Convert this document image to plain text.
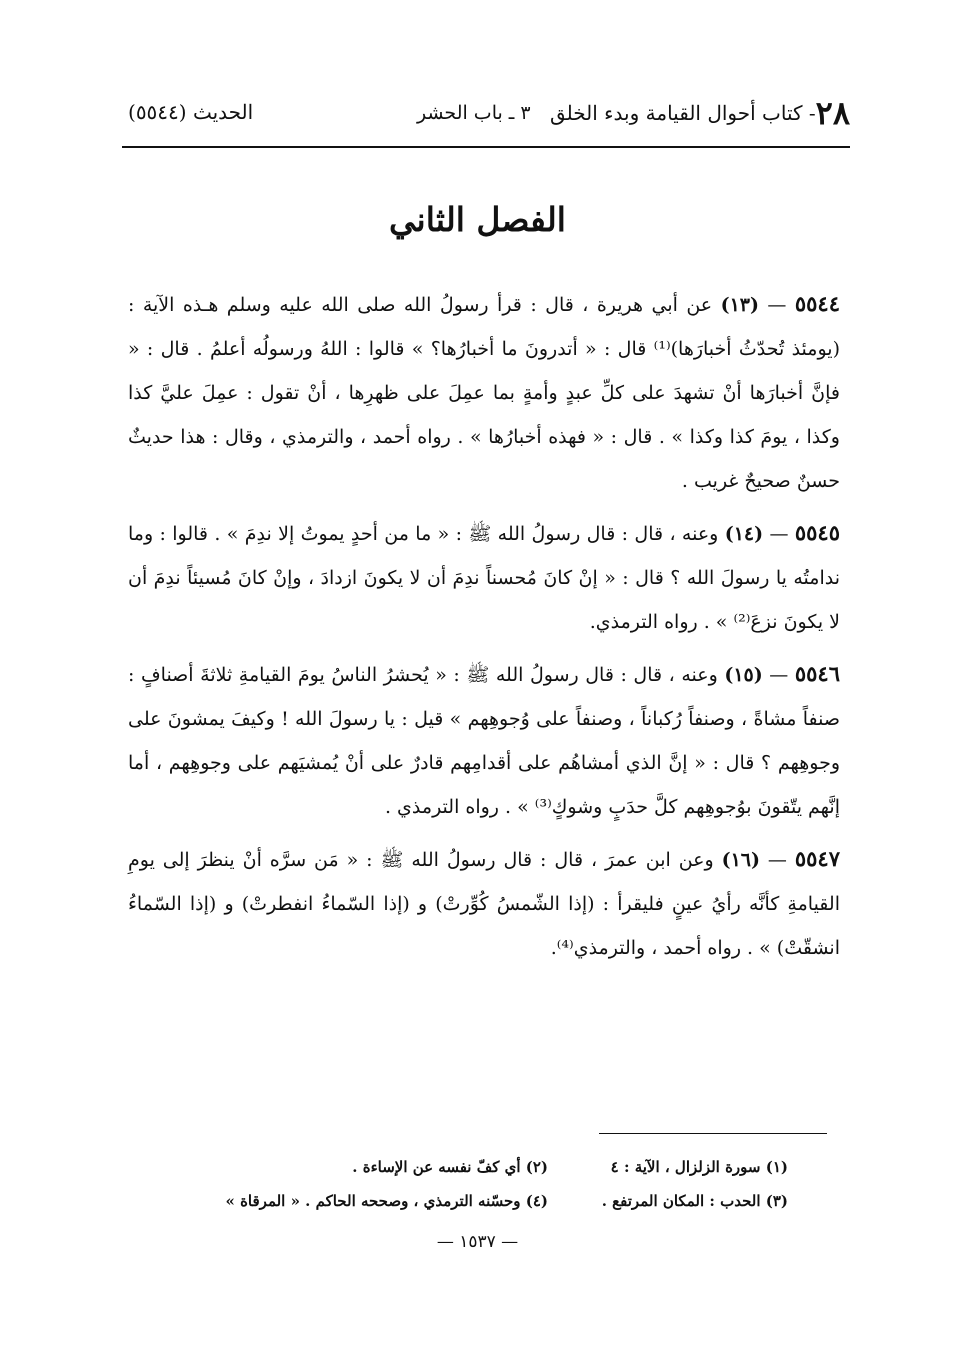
٢٨- كتاب أحوال القيامة وبدء الخلق
٣ ـ باب الحشر
الحديث (٥٥٤٤)
الفصل الثاني

٥٥٤٤ — (١٣) عن أبي هريرة ، قال : قرأ رسولُ الله صلى الله عليه وسلم هـذه الآية : (يومئذ تُحدّثُ أخبارَها)⁽¹⁾ قال : « أتدرونَ ما أخبارُها؟ » قالوا : اللهُ ورسولُه أعلمُ . قال : « فإنَّ أخبارَها أنْ تشهدَ على كلِّ عبدٍ وأمةٍ بما عمِلَ على ظهرِها ، أنْ تقول : عمِلَ عليَّ كذا وكذا ، يومَ كذا وكذا » . قال : « فهذه أخبارُها » . رواه أحمد ، والترمذي ، وقال : هذا حديثٌ حسنٌ صحيحٌ غريب .

٥٥٤٥ — (١٤) وعنه ، قال : قال رسولُ الله ﷺ : « ما من أحدٍ يموتُ إلا ندِمَ » . قالوا : وما ندامتُه يا رسولَ الله ؟ قال : « إنْ كانَ مُحسناً ندِمَ أن لا يكونَ ازدادَ ، وإنْ كانَ مُسيئاً ندِمَ أن لا يكونَ نزعَ⁽²⁾ » . رواه الترمذي.

٥٥٤٦ — (١٥) وعنه ، قال : قال رسولُ الله ﷺ : « يُحشرُ الناسُ يومَ القيامةِ ثلاثةَ أصنافٍ : صنفاً مشاةً ، وصنفاً رُكباناً ، وصنفاً على وُجوهِهم » قيل : يا رسولَ الله ! وكيفَ يمشونَ على وجوهِهم ؟ قال : « إنَّ الذي أمشاهُم على أقدامِهم قادرٌ على أنْ يُمشيَهم على وجوهِهم ، أما إنَّهم يتّقونَ بوُجوهِهم كلَّ حدَبٍ وشوكٍ⁽³⁾ » . رواه الترمذي .

٥٥٤٧ — (١٦) وعن ابن عمرَ ، قال : قال رسولُ الله ﷺ : « مَن سرَّه أنْ ينظرَ إلى يومِ القيامةِ كأنَّه رأيُ عينٍ فليقرأ : (إذا الشّمسُ كُوِّرتْ) و (إذا السّماءُ انفطرتْ) و (إذا السّماءُ انشقّتْ) » . رواه أحمد ، والترمذي⁽⁴⁾.

(١) سورة الزلزال ، الآية : ٤
(٢) أي كفّ نفسه عن الإساءة .
(٣) الحدب : المكان المرتفع .
(٤) وحسّنه الترمذي ، وصححه الحاكم . « المرقاة »
— ١٥٣٧ —
